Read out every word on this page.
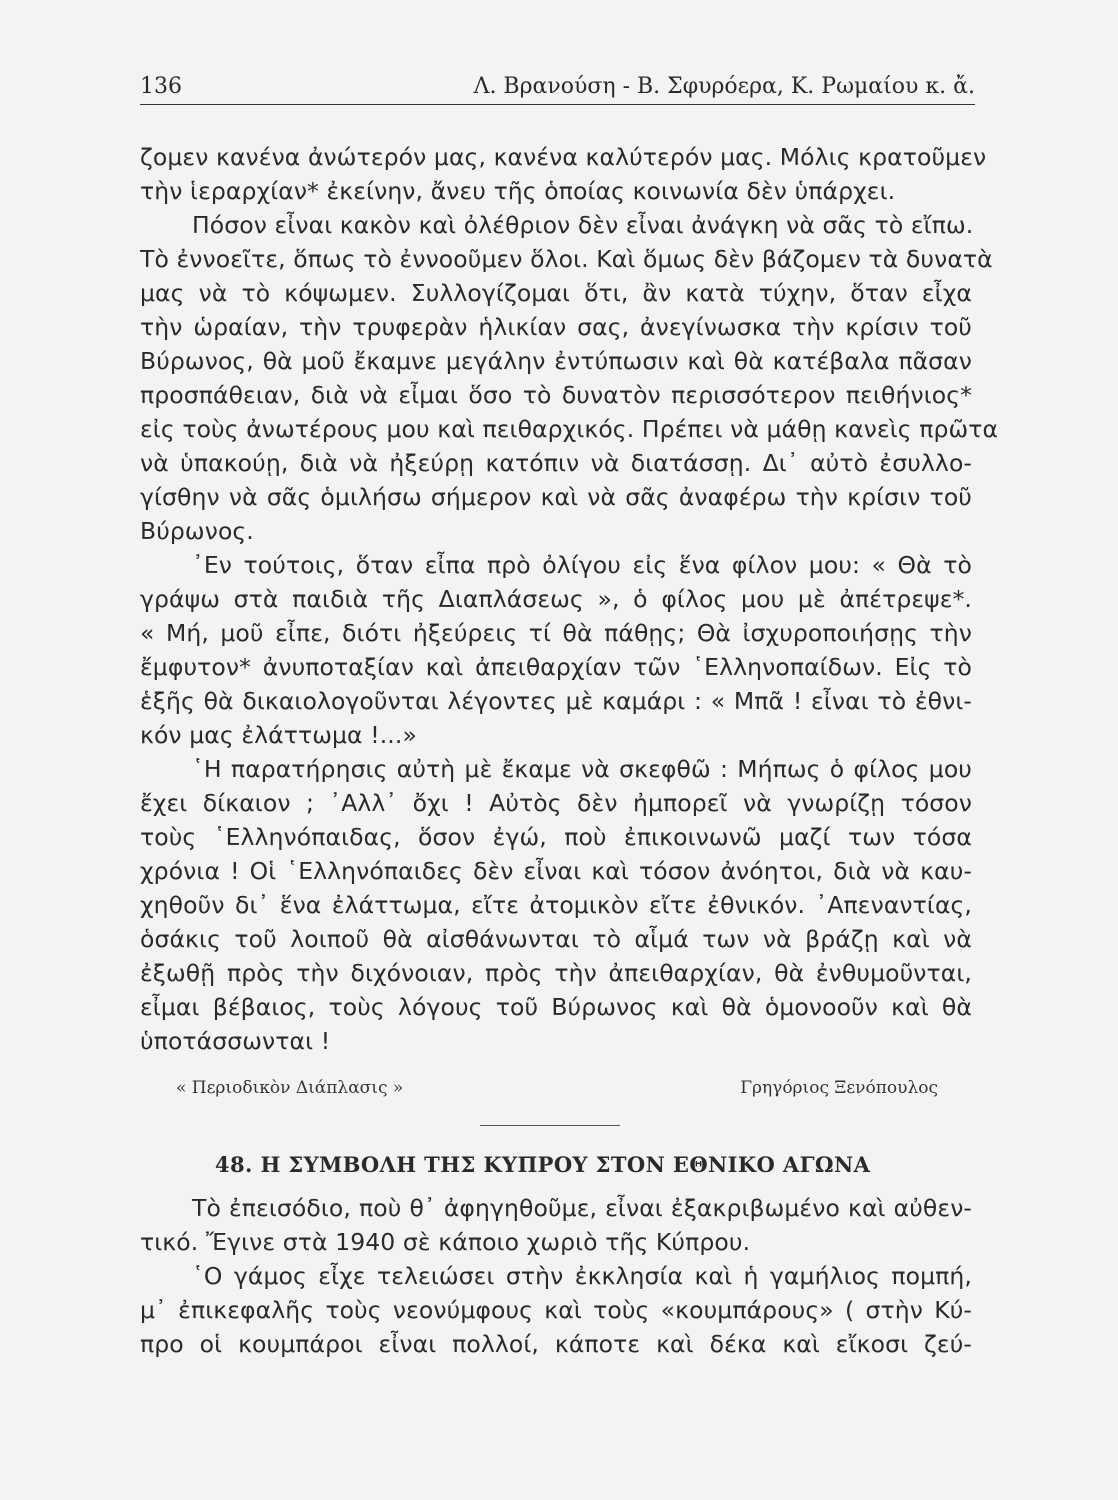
136	Λ. Βρανούση - Β. Σφυρόερα, Κ. Ρωμαίου κ. ἄ.
ζομεν κανένα ἀνώτερόν μας, κανένα καλύτερόν μας. Μόλις κρατοῦμεν
τὴν ἱεραρχίαν* ἐκείνην, ἄνευ τῆς ὁποίας κοινωνία δὲν ὑπάρχει.
Πόσον εἶναι κακὸν καὶ ὀλέθριον δὲν εἶναι ἀνάγκη νὰ σᾶς τὸ εἴπω.
Τὸ ἐννοεῖτε, ὅπως τὸ ἐννοοῦμεν ὅλοι. Καὶ ὅμως δὲν βάζομεν τὰ δυνατὰ
μας νὰ τὸ κόψωμεν. Συλλογίζομαι ὅτι, ἂν κατὰ τύχην, ὅταν εἶχα
τὴν ὡραίαν, τὴν τρυφερὰν ἡλικίαν σας, ἀνεγίνωσκα τὴν κρίσιν τοῦ
Βύρωνος, θὰ μοῦ ἔκαμνε μεγάλην ἐντύπωσιν καὶ θὰ κατέβαλα πᾶσαν
προσπάθειαν, διὰ νὰ εἶμαι ὅσο τὸ δυνατὸν περισσότερον πειθήνιος*
εἰς τοὺς ἀνωτέρους μου καὶ πειθαρχικός. Πρέπει νὰ μάθῃ κανεὶς πρῶτα
νὰ ὑπακούῃ, διὰ νὰ ἠξεύρῃ κατόπιν νὰ διατάσσῃ. Δι᾽ αὐτὸ ἐσυλλο-
γίσθην νὰ σᾶς ὁμιλήσω σήμερον καὶ νὰ σᾶς ἀναφέρω τὴν κρίσιν τοῦ
Βύρωνος.
᾽Εν τούτοις, ὅταν εἶπα πρὸ ὀλίγου εἰς ἕνα φίλον μου: « Θὰ τὸ
γράψω στὰ παιδιὰ τῆς Διαπλάσεως », ὁ φίλος μου μὲ ἀπέτρεψε*.
« Μή, μοῦ εἶπε, διότι ἠξεύρεις τί θὰ πάθῃς; Θὰ ἰσχυροποιήσῃς τὴν
ἔμφυτον* ἀνυποταξίαν καὶ ἀπειθαρχίαν τῶν ῾Ελληνοπαίδων. Εἰς τὸ
ἑξῆς θὰ δικαιολογοῦνται λέγοντες μὲ καμάρι : « Μπᾶ ! εἶναι τὸ ἐθνι-
κόν μας ἐλάττωμα !...»
῾Η παρατήρησις αὐτὴ μὲ ἔκαμε νὰ σκεφθῶ : Μήπως ὁ φίλος μου
ἔχει δίκαιον ; ᾽Αλλ᾽ ὄχι ! Αὐτὸς δὲν ἠμπορεῖ νὰ γνωρίζῃ τόσον
τοὺς ῾Ελληνόπαιδας, ὅσον ἐγώ, ποὺ ἐπικοινωνῶ μαζί των τόσα
χρόνια ! Οἱ ῾Ελληνόπαιδες δὲν εἶναι καὶ τόσον ἀνόητοι, διὰ νὰ καυ-
χηθοῦν δι᾽ ἕνα ἐλάττωμα, εἴτε ἀτομικὸν εἴτε ἐθνικόν. ᾽Απεναντίας,
ὁσάκις τοῦ λοιποῦ θὰ αἰσθάνωνται τὸ αἷμά των νὰ βράζῃ καὶ νὰ
ἐξωθῇ πρὸς τὴν διχόνοιαν, πρὸς τὴν ἀπειθαρχίαν, θὰ ἐνθυμοῦνται,
εἶμαι βέβαιος, τοὺς λόγους τοῦ Βύρωνος καὶ θὰ ὁμονοοῦν καὶ θὰ
ὑποτάσσωνται !
« Περιοδικὸν Διάπλασις »	Γρηγόριος Ξενόπουλος
48. Η ΣΥΜΒΟΛΗ ΤΗΣ ΚΥΠΡΟΥ ΣΤΟΝ ΕΘΝΙΚΟ ΑΓΩΝΑ
Τὸ ἐπεισόδιο, ποὺ θ᾽ ἀφηγηθοῦμε, εἶναι ἐξακριβωμένο καὶ αὐθεν-
τικό. Ἔγινε στὰ 1940 σὲ κάποιο χωριὸ τῆς Κύπρου.
῾Ο γάμος εἶχε τελειώσει στὴν ἐκκλησία καὶ ἡ γαμήλιος πομπή,
μ᾽ ἐπικεφαλῆς τοὺς νεονύμφους καὶ τοὺς «κουμπάρους» ( στὴν Κύ-
προ οἱ κουμπάροι εἶναι πολλοί, κάποτε καὶ δέκα καὶ εἴκοσι ζεύ-
